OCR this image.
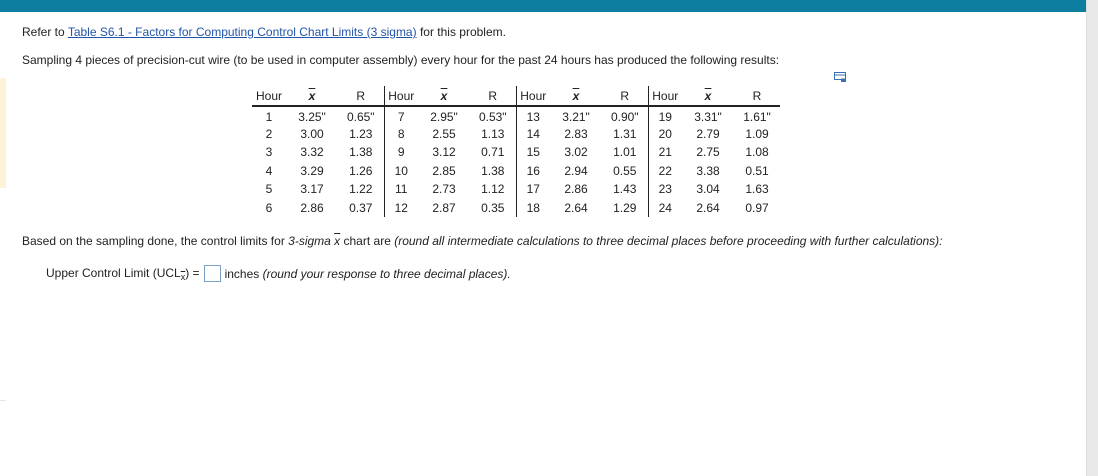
Refer to Table S6.1 - Factors for Computing Control Chart Limits (3 sigma) for this problem.
Sampling 4 pieces of precision-cut wire (to be used in computer assembly) every hour for the past 24 hours has produced the following results:
Hour	$\overline{x}$	R	Hour	$\overline{x}$	R	Hour	$\overline{x}$	R	Hour	$\overline{x}$	R
1	3.25"	0.65"	7	2.95"	0.53"	13	3.21"	0.90"	19	3.31"	1.61"
2	3.00	1.23	8	2.55	1.13	14	2.83	1.31	20	2.79	1.09
3	3.32	1.38	9	3.12	0.71	15	3.02	1.01	21	2.75	1.08
4	3.29	1.26	10	2.85	1.38	16	2.94	0.55	22	3.38	0.51
5	3.17	1.22	11	2.73	1.12	17	2.86	1.43	23	3.04	1.63
6	2.86	0.37	12	2.87	0.35	18	2.64	1.29	24	2.64	0.97
Based on the sampling done, the control limits for 3-sigma $\overline{x}$ chart are (round all intermediate calculations to three decimal places before proceeding with further calculations):
Upper Control Limit $(UCL_{\overline{x}})$ = inches
(round your response to three decimal places).
